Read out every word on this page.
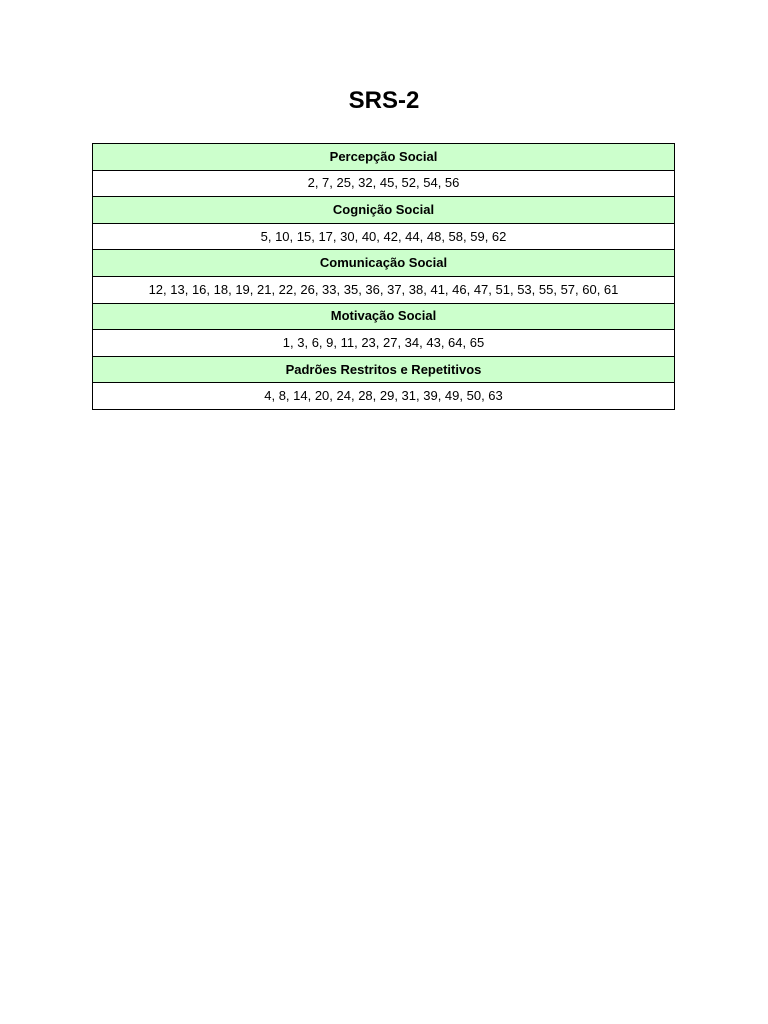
SRS-2
Percepção Social
2, 7, 25, 32, 45, 52, 54, 56
Cognição Social
5, 10, 15, 17, 30, 40, 42, 44, 48, 58, 59, 62
Comunicação Social
12, 13, 16, 18, 19, 21, 22, 26, 33, 35, 36, 37, 38, 41, 46, 47, 51, 53, 55, 57, 60, 61
Motivação Social
1, 3, 6, 9, 11, 23, 27, 34, 43, 64, 65
Padrões Restritos e Repetitivos
4, 8, 14, 20, 24, 28, 29, 31, 39, 49, 50, 63
